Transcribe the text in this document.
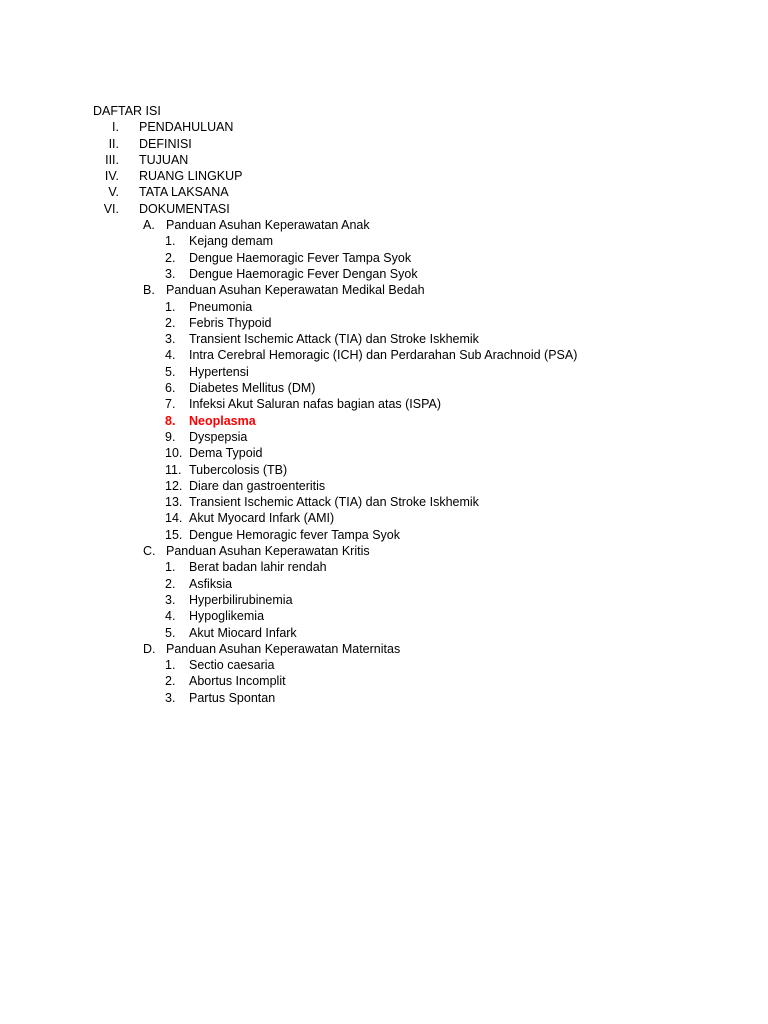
DAFTAR ISI
I. PENDAHULUAN
II. DEFINISI
III. TUJUAN
IV. RUANG LINGKUP
V. TATA LAKSANA
VI. DOKUMENTASI
A. Panduan Asuhan Keperawatan Anak
1. Kejang demam
2. Dengue Haemoragic Fever Tampa Syok
3. Dengue Haemoragic Fever Dengan Syok
B. Panduan Asuhan Keperawatan Medikal Bedah
1. Pneumonia
2. Febris Thypoid
3. Transient Ischemic Attack (TIA) dan Stroke Iskhemik
4. Intra Cerebral Hemoragic (ICH) dan Perdarahan Sub Arachnoid (PSA)
5. Hypertensi
6. Diabetes Mellitus (DM)
7. Infeksi Akut Saluran nafas bagian atas (ISPA)
8. Neoplasma
9. Dyspepsia
10. Dema Typoid
11. Tubercolosis (TB)
12. Diare dan gastroenteritis
13. Transient Ischemic Attack (TIA) dan Stroke Iskhemik
14. Akut Myocard Infark (AMI)
15. Dengue Hemoragic fever Tampa Syok
C. Panduan Asuhan Keperawatan Kritis
1. Berat badan lahir rendah
2. Asfiksia
3. Hyperbilirubinemia
4. Hypoglikemia
5. Akut Miocard Infark
D. Panduan Asuhan Keperawatan Maternitas
1. Sectio caesaria
2. Abortus Incomplit
3. Partus Spontan
